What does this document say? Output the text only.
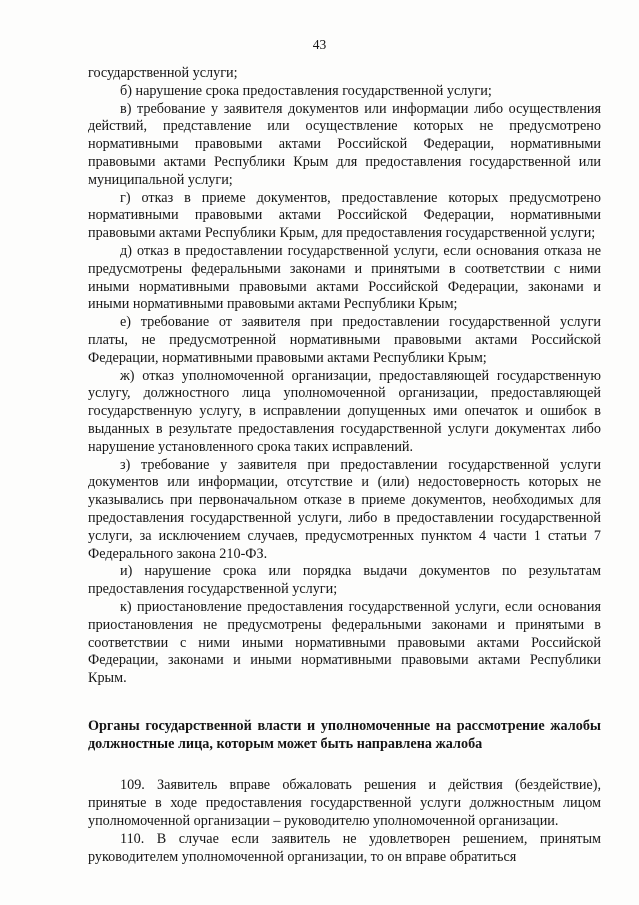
43

государственной услуги;

б) нарушение срока предоставления государственной услуги;

в) требование у заявителя документов или информации либо осуществления действий, представление или осуществление которых не предусмотрено нормативными правовыми актами Российской Федерации, нормативными правовыми актами Республики Крым для предоставления государственной или муниципальной услуги;

г) отказ в приеме документов, предоставление которых предусмотрено нормативными правовыми актами Российской Федерации, нормативными правовыми актами Республики Крым, для предоставления государственной услуги;

д) отказ в предоставлении государственной услуги, если основания отказа не предусмотрены федеральными законами и принятыми в соответствии с ними иными нормативными правовыми актами Российской Федерации, законами и иными нормативными правовыми актами Республики Крым;

е) требование от заявителя при предоставлении государственной услуги платы, не предусмотренной нормативными правовыми актами Российской Федерации, нормативными правовыми актами Республики Крым;

ж) отказ уполномоченной организации, предоставляющей государственную услугу, должностного лица уполномоченной организации, предоставляющей государственную услугу, в исправлении допущенных ими опечаток и ошибок в выданных в результате предоставления государственной услуги документах либо нарушение установленного срока таких исправлений.

з) требование у заявителя при предоставлении государственной услуги документов или информации, отсутствие и (или) недостоверность которых не указывались при первоначальном отказе в приеме документов, необходимых для предоставления государственной услуги, либо в предоставлении государственной услуги, за исключением случаев, предусмотренных пунктом 4 части 1 статьи 7 Федерального закона 210-ФЗ.

и) нарушение срока или порядка выдачи документов по результатам предоставления государственной услуги;

к) приостановление предоставления государственной услуги, если основания приостановления не предусмотрены федеральными законами и принятыми в соответствии с ними иными нормативными правовыми актами Российской Федерации, законами и иными нормативными правовыми актами Республики Крым.

Органы государственной власти и уполномоченные на рассмотрение жалобы должностные лица, которым может быть направлена жалоба

109. Заявитель вправе обжаловать решения и действия (бездействие), принятые в ходе предоставления государственной услуги должностным лицом уполномоченной организации – руководителю уполномоченной организации.

110. В случае если заявитель не удовлетворен решением, принятым руководителем уполномоченной организации, то он вправе обратиться
